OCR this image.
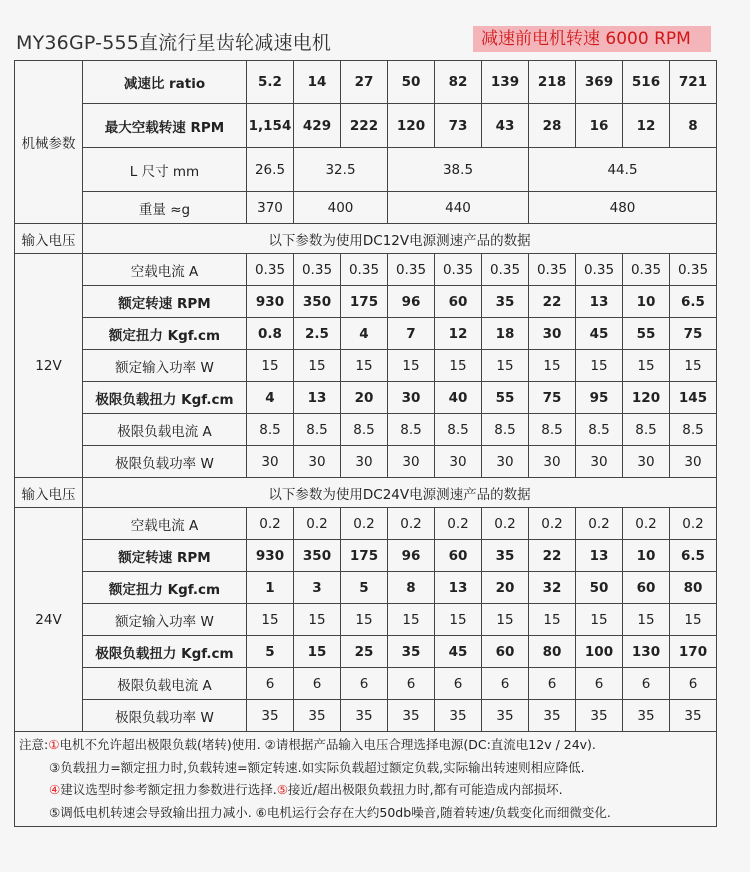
MY36GP-555直流行星齿轮减速电机	减速前电机转速 6000 RPM
机械参数	减速比 ratio	5.2	14	27	50	82	139	218	369	516	721
	最大空载转速 RPM	1,154	429	222	120	73	43	28	16	12	8
	L 尺寸 mm	26.5	32.5		38.5			44.5			
	重量 ≈g	370	400		440			480			
输入电压	以下参数为使用DC12V电源测速产品的数据										
12V	空载电流 A	0.35	0.35	0.35	0.35	0.35	0.35	0.35	0.35	0.35	0.35
	额定转速 RPM	930	350	175	96	60	35	22	13	10	6.5
	额定扭力 Kgf.cm	0.8	2.5	4	7	12	18	30	45	55	75
	额定输入功率 W	15	15	15	15	15	15	15	15	15	15
	极限负载扭力 Kgf.cm	4	13	20	30	40	55	75	95	120	145
	极限负载电流 A	8.5	8.5	8.5	8.5	8.5	8.5	8.5	8.5	8.5	8.5
	极限负载功率 W	30	30	30	30	30	30	30	30	30	30
输入电压	以下参数为使用DC24V电源测速产品的数据										
24V	空载电流 A	0.2	0.2	0.2	0.2	0.2	0.2	0.2	0.2	0.2	0.2
	额定转速 RPM	930	350	175	96	60	35	22	13	10	6.5
	额定扭力 Kgf.cm	1	3	5	8	13	20	32	50	60	80
	额定输入功率 W	15	15	15	15	15	15	15	15	15	15
	极限负载扭力 Kgf.cm	5	15	25	35	45	60	80	100	130	170
	极限负载电流 A	6	6	6	6	6	6	6	6	6	6
	极限负载功率 W	35	35	35	35	35	35	35	35	35	35

注意:①电机不允许超出极限负载(堵转)使用. ②请根据产品输入电压合理选择电源(DC:直流电12v / 24v).
③负载扭力=额定扭力时,负载转速=额定转速.如实际负载超过额定负载,实际输出转速则相应降低.
④建议选型时参考额定扭力参数进行选择.⑤接近/超出极限负载扭力时,都有可能造成内部损坏.
⑤调低电机转速会导致输出扭力减小. ⑥电机运行会存在大约50db噪音,随着转速/负载变化而细微变化.											
